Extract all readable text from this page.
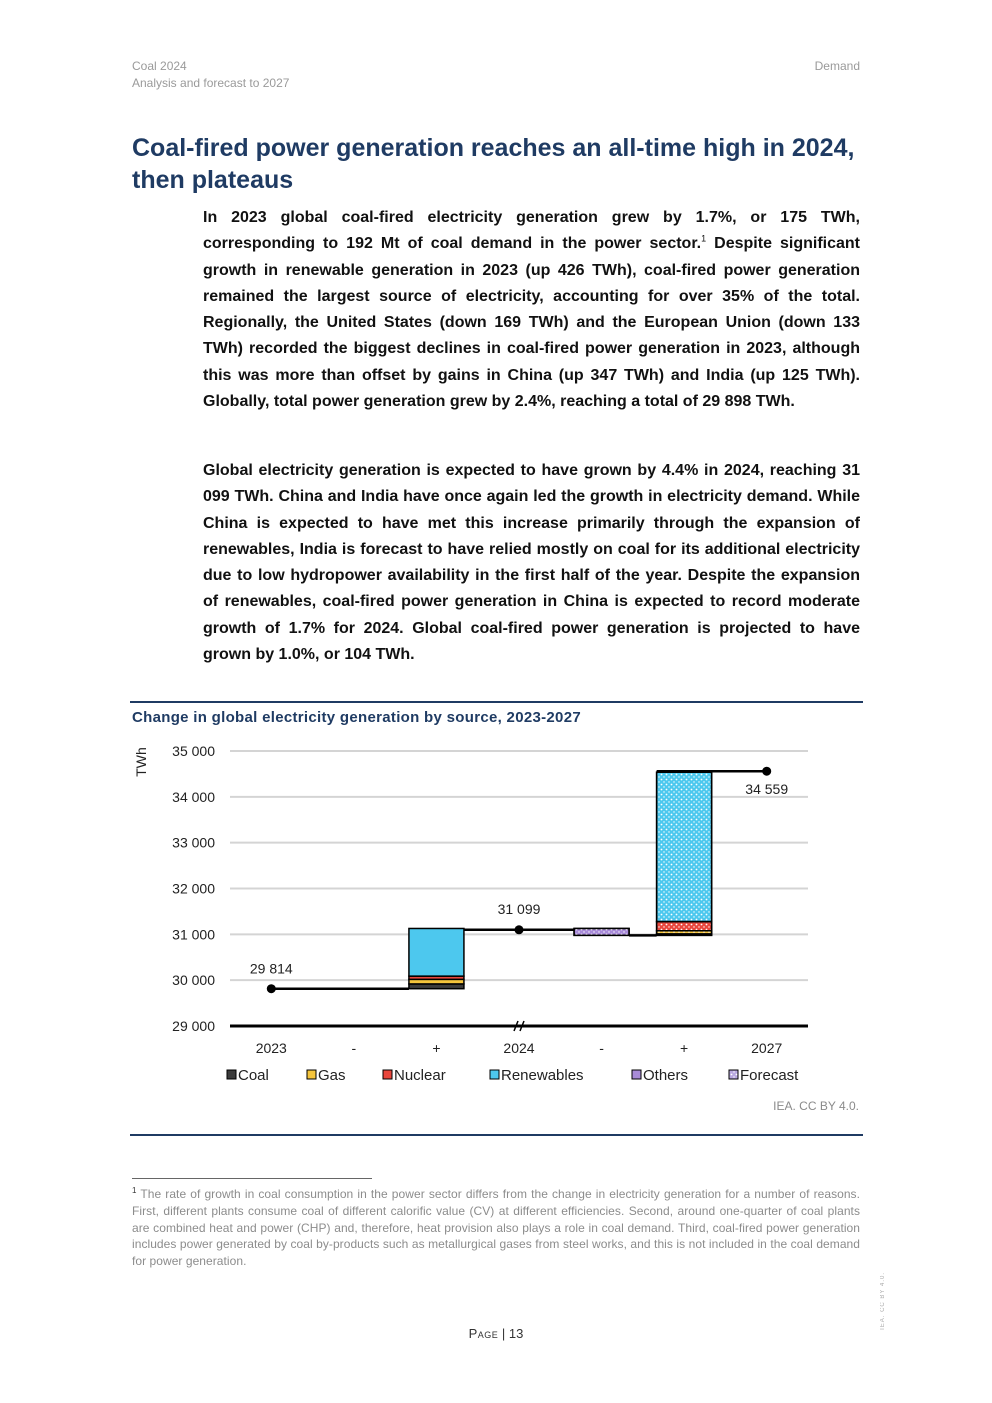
Coal 2024
Analysis and forecast to 2027
Demand
Coal-fired power generation reaches an all-time high in 2024, then plateaus

In 2023 global coal-fired electricity generation grew by 1.7%, or 175 TWh, corresponding to 192 Mt of coal demand in the power sector.$^1$ Despite significant growth in renewable generation in 2023 (up 426 TWh), coal-fired power generation remained the largest source of electricity, accounting for over 35% of the total. Regionally, the United States (down 169 TWh) and the European Union (down 133 TWh) recorded the biggest declines in coal-fired power generation in 2023, although this was more than offset by gains in China (up 347 TWh) and India (up 125 TWh). Globally, total power generation grew by 2.4%, reaching a total of 29 898 TWh.

Global electricity generation is expected to have grown by 4.4% in 2024, reaching 31 099 TWh. China and India have once again led the growth in electricity demand. While China is expected to have met this increase primarily through the expansion of renewables, India is forecast to have relied mostly on coal for its additional electricity due to low hydropower availability in the first half of the year. Despite the expansion of renewables, coal-fired power generation in China is expected to record moderate growth of 1.7% for 2024. Global coal-fired power generation is projected to have grown by 1.0%, or 104 TWh.

Change in global electricity generation by source, 2023-2027
TWh
29 000
30 000
31 000
32 000
33 000
34 000
35 000
29 814
31 099
34 559
2023	-	+	2024	-	+	2027
Coal	Gas	Nuclear	Renewables	Others	Forecast
IEA. CC BY 4.0.

$^1$ The rate of growth in coal consumption in the power sector differs from the change in electricity generation for a number of reasons. First, different plants consume coal of different calorific value (CV) at different efficiencies. Second, around one-quarter of coal plants are combined heat and power (CHP) and, therefore, heat provision also plays a role in coal demand. Third, coal-fired power generation includes power generated by coal by-products such as metallurgical gases from steel works, and this is not included in the coal demand for power generation.

Page | 13
IEA. CC BY 4.0.
